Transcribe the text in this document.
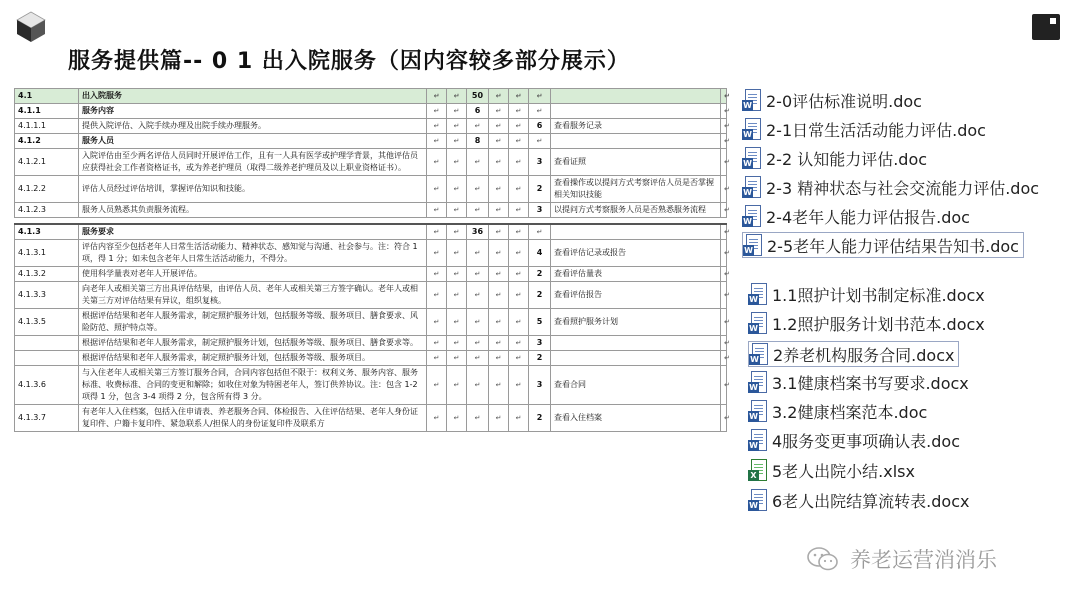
服务提供篇-- 0 1 出入院服务（因内容较多部分展示）
4.1	出入院服务	↵	↵	50	↵	↵	↵		↵
4.1.1	服务内容	↵	↵	6	↵	↵	↵		↵
4.1.1.1	提供入院评估、入院手续办理及出院手续办理服务。	↵	↵	↵	↵	↵	6	查看服务记录	↵
4.1.2	服务人员	↵	↵	8	↵	↵	↵		↵
4.1.2.1	入院评估由至少两名评估人员同时开展评估工作，且有一人具有医学或护理学背景，其他评估员应获得社会工作者资格证书，或为养老护理员（取得二级养老护理员及以上职业资格证书）。	↵	↵	↵	↵	↵	3	查看证照	↵
4.1.2.2	评估人员经过评估培训，掌握评估知识和技能。	↵	↵	↵	↵	↵	2	查看操作或以提问方式考察评估人员是否掌握相关知识技能	↵
4.1.2.3	服务人员熟悉其负责服务流程。	↵	↵	↵	↵	↵	3	以提问方式考察服务人员是否熟悉服务流程	↵

4.1.3	服务要求	↵	↵	36	↵	↵	↵		↵
4.1.3.1	评估内容至少包括老年人日常生活活动能力、精神状态、感知觉与沟通、社会参与。注：符合 1 项，得 1 分；如未包含老年人日常生活活动能力，不得分。	↵	↵	↵	↵	↵	4	查看评估记录或报告	↵
4.1.3.2	使用科学量表对老年人开展评估。	↵	↵	↵	↵	↵	2	查看评估量表	↵
4.1.3.3	向老年人或相关第三方出具评估结果，由评估人员、老年人或相关第三方签字确认。老年人或相关第三方对评估结果有异议，组织复核。	↵	↵	↵	↵	↵	2	查看评估报告	↵
4.1.3.5	根据评估结果和老年人服务需求，制定照护服务计划，包括服务等级、服务项目、膳食要求、风险防范、照护特点等。	↵	↵	↵	↵	↵	5	查看照护服务计划	↵
	根据评估结果和老年人服务需求，制定照护服务计划，包括服务等级、服务项目、膳食要求等。	↵	↵	↵	↵	↵	3		↵
	根据评估结果和老年人服务需求，制定照护服务计划，包括服务等级、服务项目。	↵	↵	↵	↵	↵	2		↵
4.1.3.6	与入住老年人或相关第三方签订服务合同，合同内容包括但不限于：权利义务、服务内容、服务标准、收费标准、合同的变更和解除；如收住对象为特困老年人，签订供养协议。注：包含 1-2 项得 1 分，包含 3-4 项得 2 分，包含所有得 3 分。	↵	↵	↵	↵	↵	3	查看合同	↵
4.1.3.7	有老年人入住档案，包括入住申请表、养老服务合同、体检报告、入住评估结果、老年人身份证复印件、户籍卡复印件、紧急联系人/担保人的身份证复印件及联系方	↵	↵	↵	↵	↵	2	查看入住档案	↵
W 2-0评估标准说明.doc
W 2-1日常生活活动能力评估.doc
W 2-2 认知能力评估.doc
W 2-3 精神状态与社会交流能力评估.doc
W 2-4老年人能力评估报告.doc
W 2-5老年人能力评估结果告知书.doc
W 1.1照护计划书制定标准.docx
W 1.2照护服务计划书范本.docx
W 2养老机构服务合同.docx
W 3.1健康档案书写要求.docx
W 3.2健康档案范本.doc
W 4服务变更事项确认表.doc
X 5老人出院小结.xlsx
W 6老人出院结算流转表.docx
养老运营消消乐
